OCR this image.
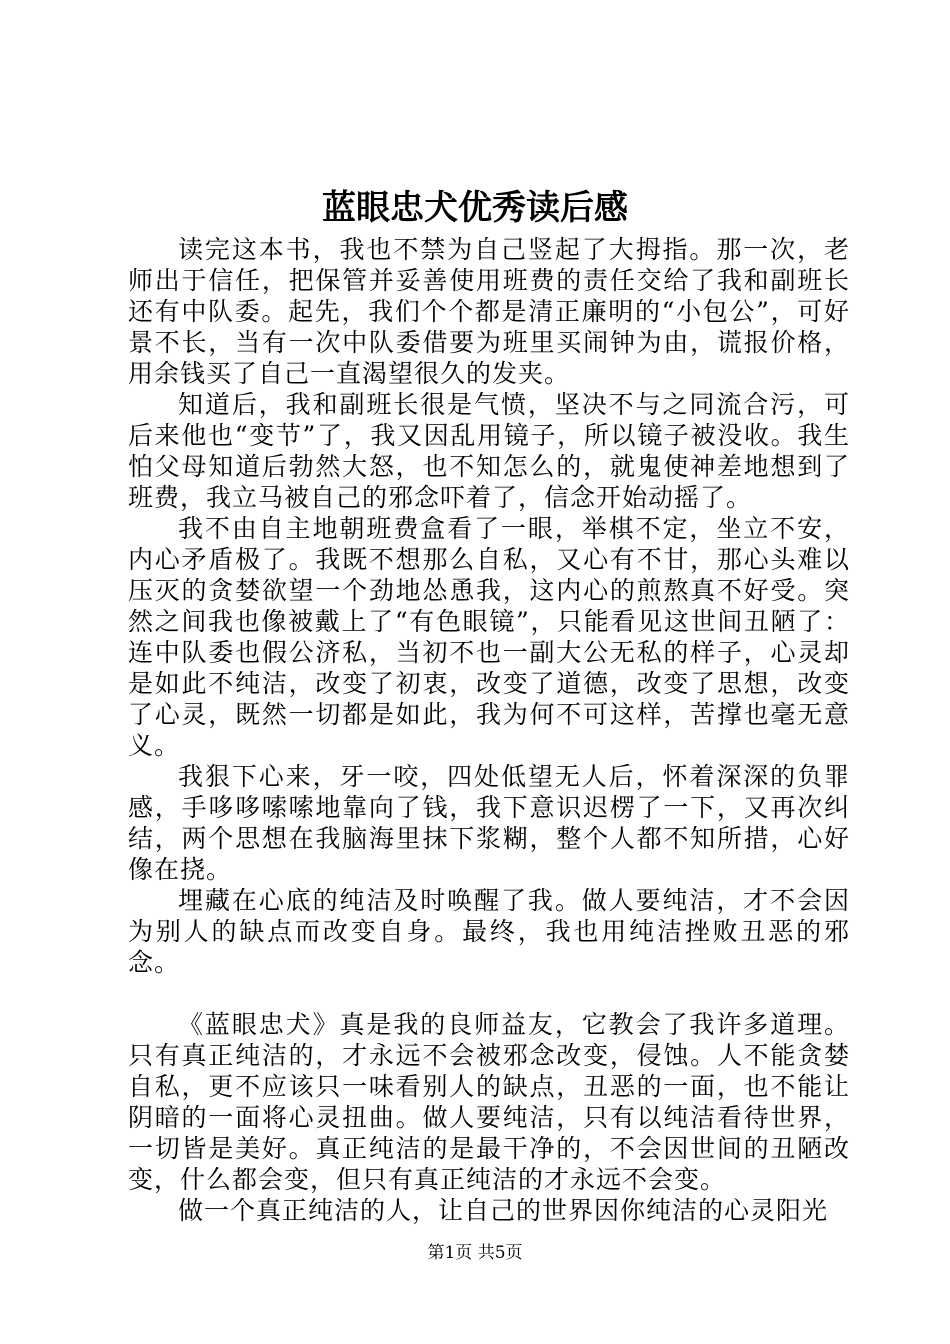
蓝眼忠犬优秀读后感

读完这本书，我也不禁为自己竖起了大拇指。那一次，老师出于信任，把保管并妥善使用班费的责任交给了我和副班长还有中队委。起先，我们个个都是清正廉明的“小包公”，可好景不长，当有一次中队委借要为班里买闹钟为由，谎报价格，用余钱买了自己一直渴望很久的发夹。

知道后，我和副班长很是气愤，坚决不与之同流合污，可后来他也“变节”了，我又因乱用镜子，所以镜子被没收。我生怕父母知道后勃然大怒，也不知怎么的，就鬼使神差地想到了班费，我立马被自己的邪念吓着了，信念开始动摇了。

我不由自主地朝班费盒看了一眼，举棋不定，坐立不安，内心矛盾极了。我既不想那么自私，又心有不甘，那心头难以压灭的贪婪欲望一个劲地怂恿我，这内心的煎熬真不好受。突然之间我也像被戴上了“有色眼镜”，只能看见这世间丑陋了：连中队委也假公济私，当初不也一副大公无私的样子，心灵却是如此不纯洁，改变了初衷，改变了道德，改变了思想，改变了心灵，既然一切都是如此，我为何不可这样，苦撑也毫无意义。

我狠下心来，牙一咬，四处低望无人后，怀着深深的负罪感，手哆哆嗦嗦地靠向了钱，我下意识迟楞了一下，又再次纠结，两个思想在我脑海里抹下浆糊，整个人都不知所措，心好像在挠。

埋藏在心底的纯洁及时唤醒了我。做人要纯洁，才不会因为别人的缺点而改变自身。最终，我也用纯洁挫败丑恶的邪念。

《蓝眼忠犬》真是我的良师益友，它教会了我许多道理。只有真正纯洁的，才永远不会被邪念改变，侵蚀。人不能贪婪自私，更不应该只一味看别人的缺点，丑恶的一面，也不能让阴暗的一面将心灵扭曲。做人要纯洁，只有以纯洁看待世界，一切皆是美好。真正纯洁的是最干净的，不会因世间的丑陋改变，什么都会变，但只有真正纯洁的才永远不会变。

做一个真正纯洁的人，让自己的世界因你纯洁的心灵阳光

第1页 共5页
